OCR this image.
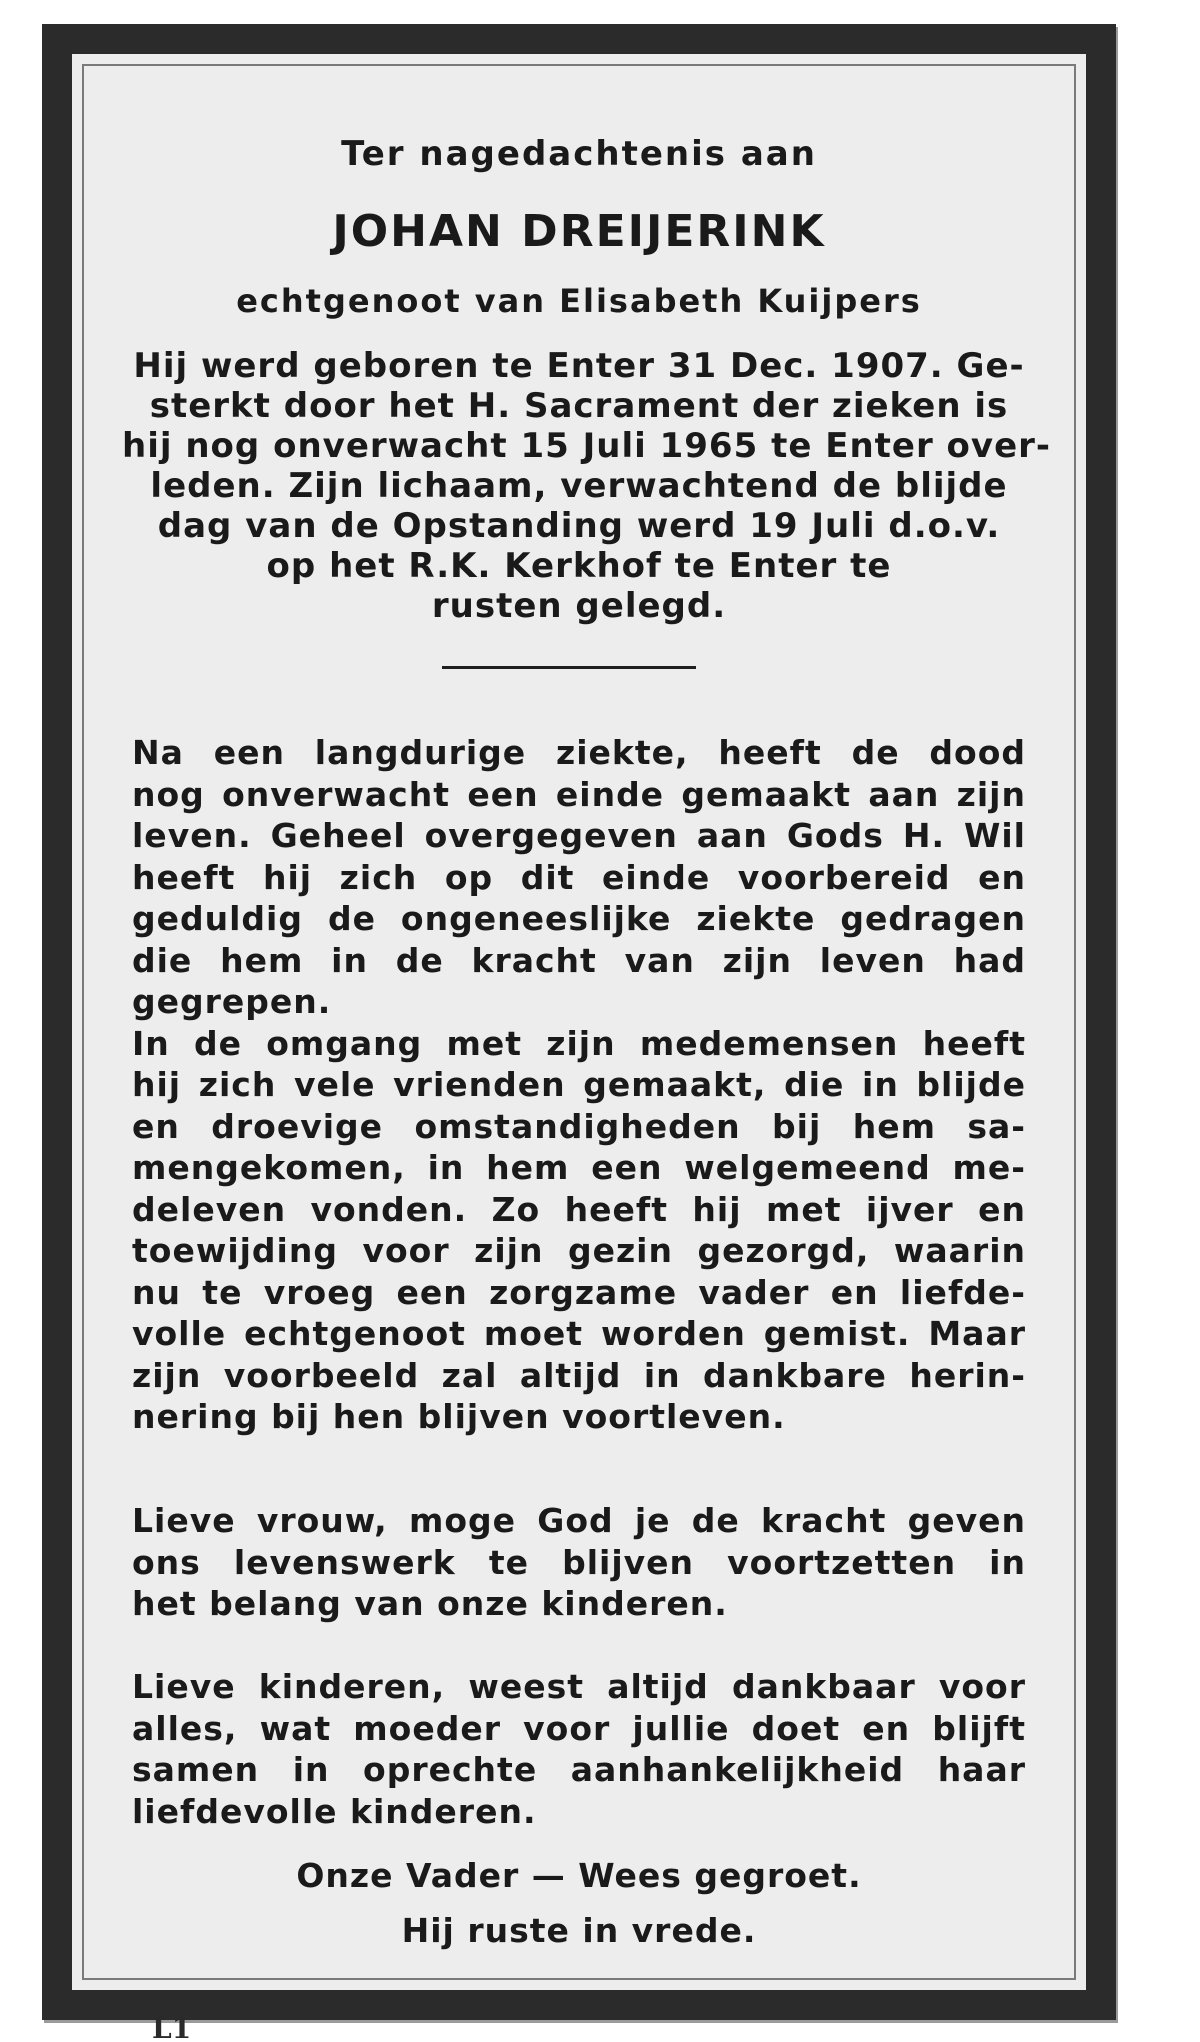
Ter nagedachtenis aan
JOHAN DREIJERINK
echtgenoot van Elisabeth Kuijpers
Hij werd geboren te Enter 31 Dec. 1907. Ge-
sterkt door het H. Sacrament der zieken is
hij nog onverwacht 15 Juli 1965 te Enter over-
leden. Zijn lichaam, verwachtend de blijde
dag van de Opstanding werd 19 Juli d.o.v.
op het R.K. Kerkhof te Enter te
rusten gelegd.
Na een langdurige ziekte, heeft de dood
nog onverwacht een einde gemaakt aan zijn
leven. Geheel overgegeven aan Gods H. Wil
heeft hij zich op dit einde voorbereid en
geduldig de ongeneeslijke ziekte gedragen
die hem in de kracht van zijn leven had
gegrepen.
In de omgang met zijn medemensen heeft
hij zich vele vrienden gemaakt, die in blijde
en droevige omstandigheden bij hem sa-
mengekomen, in hem een welgemeend me-
deleven vonden. Zo heeft hij met ijver en
toewijding voor zijn gezin gezorgd, waarin
nu te vroeg een zorgzame vader en liefde-
volle echtgenoot moet worden gemist. Maar
zijn voorbeeld zal altijd in dankbare herin-
nering bij hen blijven voortleven.
Lieve vrouw, moge God je de kracht geven
ons levenswerk te blijven voortzetten in
het belang van onze kinderen.
Lieve kinderen, weest altijd dankbaar voor
alles, wat moeder voor jullie doet en blijft
samen in oprechte aanhankelijkheid haar
liefdevolle kinderen.
Onze Vader — Wees gegroet.
Hij ruste in vrede.
L1
